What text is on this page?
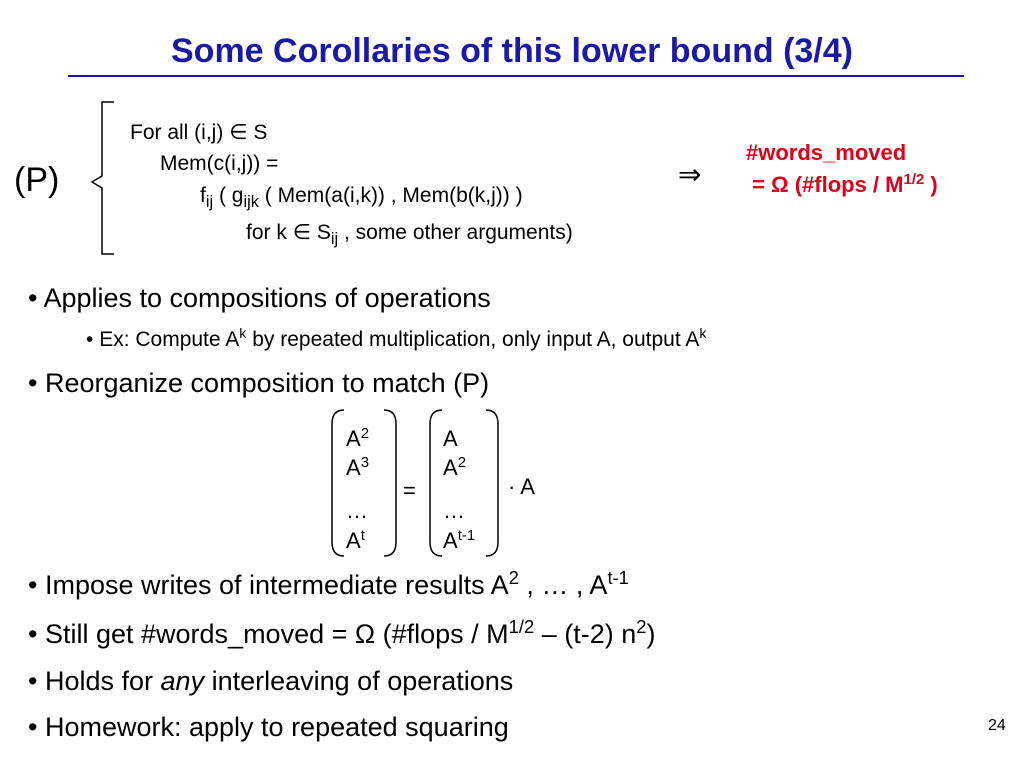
Some Corollaries of this lower bound (3/4)
(P)
For all (i,j) ∈ S
Mem(c(i,j)) =
$f_{ij}$ ( $g_{ijk}$ ( Mem(a(i,k)) , Mem(b(k,j)) )
for k ∈ $S_{ij}$ , some other arguments)
⇒
#words_moved
= Ω (#flops / $M^{1/2}$ )
• Applies to compositions of operations
• Ex: Compute $A^k$ by repeated multiplication, only input A, output $A^k$
• Reorganize composition to match (P)
$A^2$
$A^3$
…
$A^t$
=
A
$A^2$
…
$A^{t-1}$
· A
• Impose writes of intermediate results $A^2$ , … , $A^{t-1}$
• Still get #words_moved = Ω (#flops / $M^{1/2} - (t-2)$ $n^2$)
• Holds for any interleaving of operations
• Homework: apply to repeated squaring	24
